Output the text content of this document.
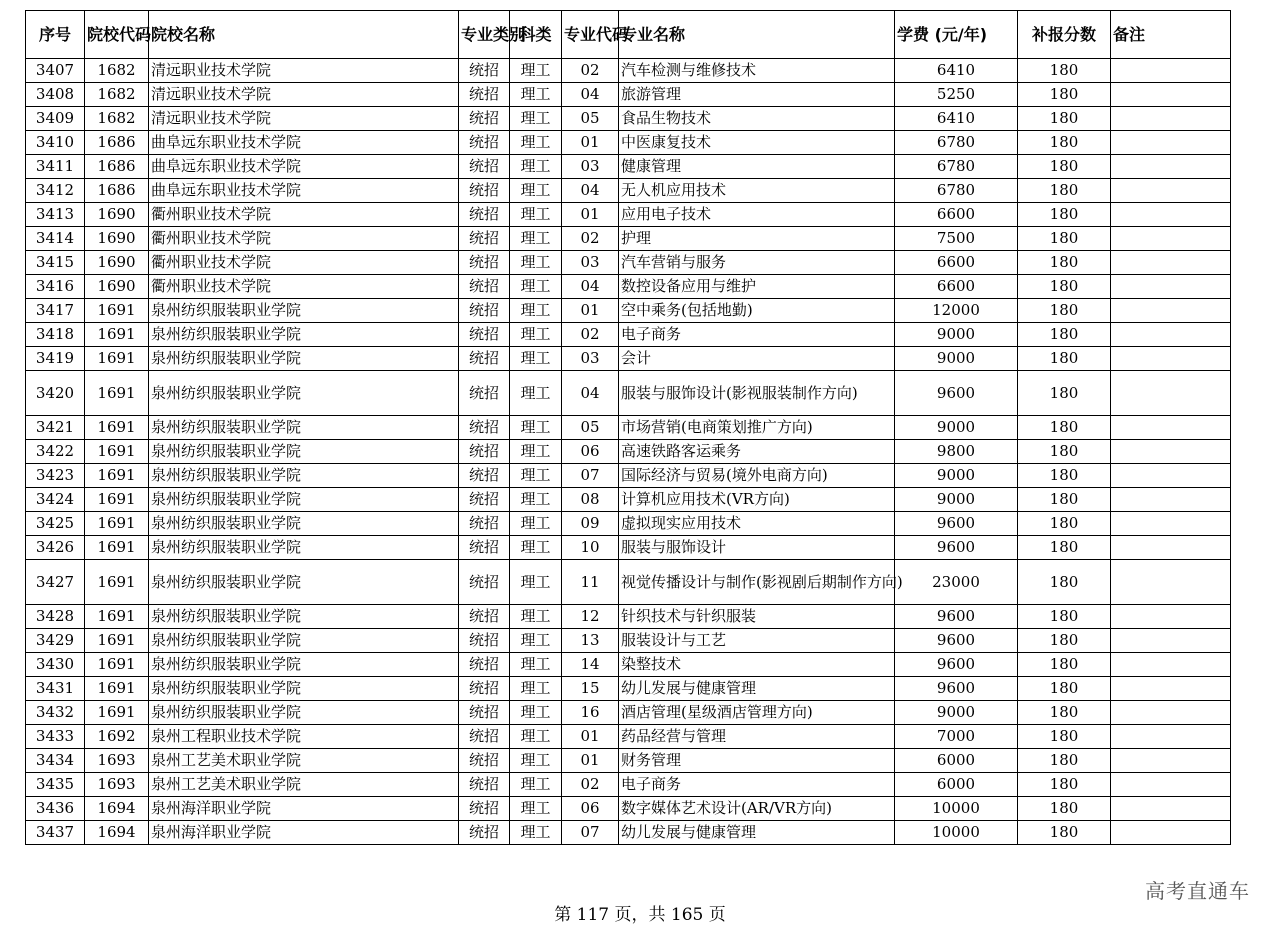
序号	院校代码	院校名称	专业类别	科类	专业代码	专业名称	学费 (元/年)	补报分数	备注
3407	1682	清远职业技术学院	统招	理工	02	汽车检测与维修技术	6410	180	
3408	1682	清远职业技术学院	统招	理工	04	旅游管理	5250	180	
3409	1682	清远职业技术学院	统招	理工	05	食品生物技术	6410	180	
3410	1686	曲阜远东职业技术学院	统招	理工	01	中医康复技术	6780	180	
3411	1686	曲阜远东职业技术学院	统招	理工	03	健康管理	6780	180	
3412	1686	曲阜远东职业技术学院	统招	理工	04	无人机应用技术	6780	180	
3413	1690	衢州职业技术学院	统招	理工	01	应用电子技术	6600	180	
3414	1690	衢州职业技术学院	统招	理工	02	护理	7500	180	
3415	1690	衢州职业技术学院	统招	理工	03	汽车营销与服务	6600	180	
3416	1690	衢州职业技术学院	统招	理工	04	数控设备应用与维护	6600	180	
3417	1691	泉州纺织服装职业学院	统招	理工	01	空中乘务(包括地勤)	12000	180	
3418	1691	泉州纺织服装职业学院	统招	理工	02	电子商务	9000	180	
3419	1691	泉州纺织服装职业学院	统招	理工	03	会计	9000	180	
3420	1691	泉州纺织服装职业学院	统招	理工	04	服装与服饰设计(影视服装制作方向)	9600	180	
3421	1691	泉州纺织服装职业学院	统招	理工	05	市场营销(电商策划推广方向)	9000	180	
3422	1691	泉州纺织服装职业学院	统招	理工	06	高速铁路客运乘务	9800	180	
3423	1691	泉州纺织服装职业学院	统招	理工	07	国际经济与贸易(境外电商方向)	9000	180	
3424	1691	泉州纺织服装职业学院	统招	理工	08	计算机应用技术(VR方向)	9000	180	
3425	1691	泉州纺织服装职业学院	统招	理工	09	虚拟现实应用技术	9600	180	
3426	1691	泉州纺织服装职业学院	统招	理工	10	服装与服饰设计	9600	180	
3427	1691	泉州纺织服装职业学院	统招	理工	11	视觉传播设计与制作(影视剧后期制作方向)	23000	180	
3428	1691	泉州纺织服装职业学院	统招	理工	12	针织技术与针织服装	9600	180	
3429	1691	泉州纺织服装职业学院	统招	理工	13	服装设计与工艺	9600	180	
3430	1691	泉州纺织服装职业学院	统招	理工	14	染整技术	9600	180	
3431	1691	泉州纺织服装职业学院	统招	理工	15	幼儿发展与健康管理	9600	180	
3432	1691	泉州纺织服装职业学院	统招	理工	16	酒店管理(星级酒店管理方向)	9000	180	
3433	1692	泉州工程职业技术学院	统招	理工	01	药品经营与管理	7000	180	
3434	1693	泉州工艺美术职业学院	统招	理工	01	财务管理	6000	180	
3435	1693	泉州工艺美术职业学院	统招	理工	02	电子商务	6000	180	
3436	1694	泉州海洋职业学院	统招	理工	06	数字媒体艺术设计(AR/VR方向)	10000	180	
3437	1694	泉州海洋职业学院	统招	理工	07	幼儿发展与健康管理	10000	180	
高考直通车
第 117 页，共 165 页
